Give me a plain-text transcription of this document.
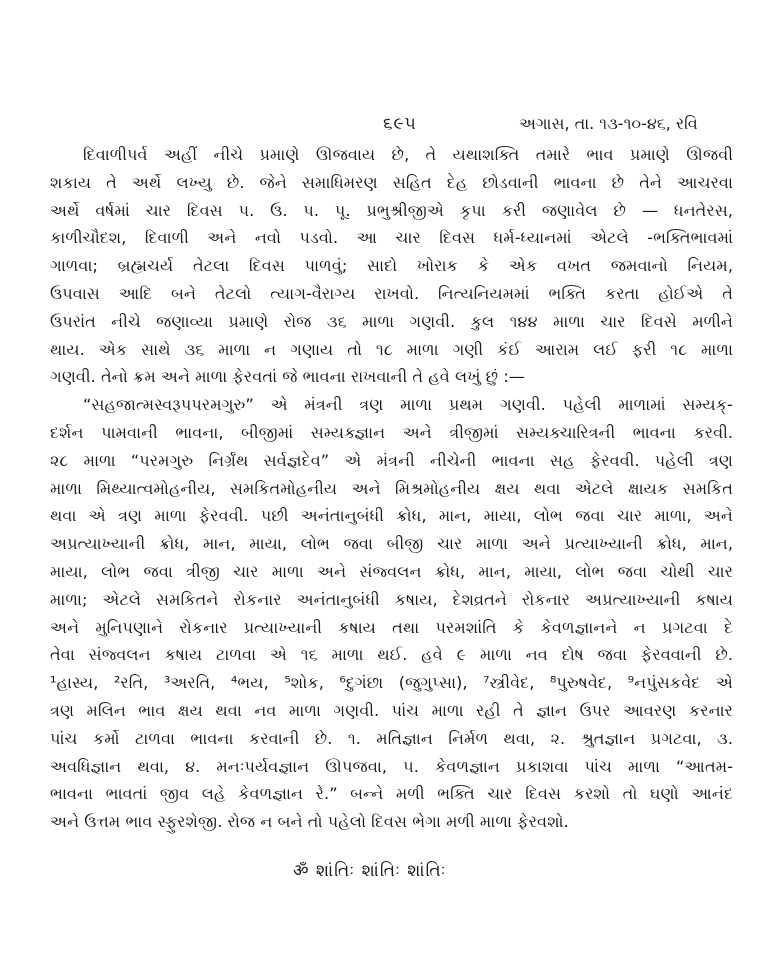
૬૯૫	અગાસ, તા. ૧૩-૧૦-૪૬, રવિ
દિવાળીપર્વ અહીં નીચે પ્રમાણે ઊજવાય છે, તે યથાશક્તિ તમારે ભાવ પ્રમાણે ઊજવી
શકાય તે અર્થે લખ્યુ છે. જેને સમાધિમરણ સહિત દેહ છોડવાની ભાવના છે તેને આચરવા
અર્થે વર્ષમાં ચાર દિવસ પ. ઉ. પ. પૂ. પ્રભુશ્રીજીએ કૃપા કરી જણાવેલ છે — ધનતેરસ,
કાળીચૌદશ, દિવાળી અને નવો પડવો. આ ચાર દિવસ ધર્મ-ધ્યાનમાં એટલે -ભક્તિભાવમાં
ગાળવા; બ્રહ્મચર્ય તેટલા દિવસ પાળવું; સાદો ખોરાક કે એક વખત જમવાનો નિયમ,
ઉપવાસ આદિ બને તેટલો ત્યાગ-વૈરાગ્ય રાખવો. નિત્યનિયમમાં ભક્તિ કરતા હોઈએ તે
ઉપરાંત નીચે જણાવ્યા પ્રમાણે રોજ ૩૬ માળા ગણવી. કુલ ૧૪૪ માળા ચાર દિવસે મળીને
થાય. એક સાથે ૩૬ માળા ન ગણાય તો ૧૮ માળા ગણી કંઈ આરામ લઈ ફરી ૧૮ માળા
ગણવી. તેનો ક્રમ અને માળા ફેરવતાં જે ભાવના રાખવાની તે હવે લખું છું :—
“સહજાત્મસ્વરૂપપરમગુરુ” એ મંત્રની ત્રણ માળા પ્રથમ ગણવી. પહેલી માળામાં સમ્યક્-
દર્શન પામવાની ભાવના, બીજીમાં સમ્યક્જ્ઞાન અને ત્રીજીમાં સમ્યક્ચારિત્રની ભાવના કરવી.
૨૮ માળા “પરમગુરુ નિર્ગ્રંથ સર્વજ્ઞદેવ” એ મંત્રની નીચેની ભાવના સહ ફેરવવી. પહેલી ત્રણ
માળા મિથ્યાત્વમોહનીય, સમકિતમોહનીય અને મિશ્રમોહનીય ક્ષય થવા એટલે ક્ષાયક સમકિત
થવા એ ત્રણ માળા ફેરવવી. પછી અનંતાનુબંધી ક્રોધ, માન, માયા, લોભ જવા ચાર માળા, અને
અપ્રત્યાખ્યાની ક્રોધ, માન, માયા, લોભ જવા બીજી ચાર માળા અને પ્રત્યાખ્યાની ક્રોધ, માન,
માયા, લોભ જવા ત્રીજી ચાર માળા અને સંજ્વલન ક્રોધ, માન, માયા, લોભ જવા ચોથી ચાર
માળા; એટલે સમકિતને રોકનાર અનંતાનુબંધી કષાય, દેશવ્રતને રોકનાર અપ્રત્યાખ્યાની કષાય
અને મુનિપણાને રોકનાર પ્રત્યાખ્યાની કષાય તથા પરમશાંતિ કે કેવળજ્ઞાનને ન પ્રગટવા દે
તેવા સંજ્વલન કષાય ટાળવા એ ૧૬ માળા થઈ. હવે ૯ માળા નવ દોષ જવા ફેરવવાની છે.
¹હાસ્ય, ²રતિ, ³અરતિ, ⁴ભય, ⁵શોક, ⁶દુગંછા (જુગુપ્સા), ⁷સ્ત્રીવેદ, ⁸પુરુષવેદ, ⁹નપુંસકવેદ એ
ત્રણ મલિન ભાવ ક્ષય થવા નવ માળા ગણવી. પાંચ માળા રહી તે જ્ઞાન ઉપર આવરણ કરનાર
પાંચ કર્મો ટાળવા ભાવના કરવાની છે. ૧. મતિજ્ઞાન નિર્મળ થવા, ૨. શ્રુતજ્ઞાન પ્રગટવા, ૩.
અવધિજ્ઞાન થવા, ૪. મનઃપર્યવજ્ઞાન ઊપજવા, ૫. કેવળજ્ઞાન પ્રકાશવા પાંચ માળા “આતમ-
ભાવના ભાવતાં જીવ લહે કેવળજ્ઞાન રે.” બન્ને મળી ભક્તિ ચાર દિવસ કરશો તો ઘણો આનંદ
અને ઉત્તમ ભાવ સ્ફુરશેજી. રોજ ન બને તો પહેલો દિવસ ભેગા મળી માળા ફેરવશો.
ॐ શાંતિઃ શાંતિઃ શાંતિઃ
